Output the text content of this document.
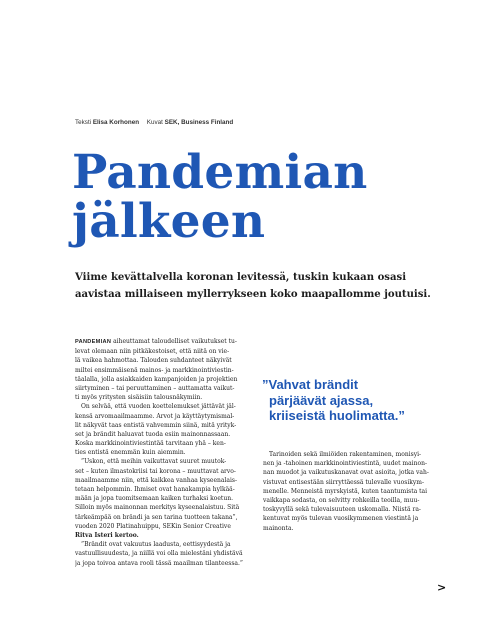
Teksti Elisa Korhonen Kuvat SEK, Business Finland
Pandemian
jälkeen

Viime kevättalvella koronan levitessä, tuskin kukaan osasi
aavistaa millaiseen myllerrykseen koko maapallomme joutuisi.

PANDEMIAN aiheuttamat taloudelliset vaikutukset tu-
levat olemaan niin pitkäkestoiset, että niitä on vie-
lä vaikea hahmottaa. Talouden suhdanteet näkyivät
miltei ensimmäisenä mainos- ja markkinointiviestin-
täalalla, jolla asiakkaiden kampanjoiden ja projektien
siirtyminen – tai peruuttaminen – auttamatta vaikut-
ti myös yritysten sisäisiin talousnäkymiin.

On selvää, että vuoden koettelemukset jättävät jäl-
kensä arvomaailmaamme. Arvot ja käyttäytymismal-
lit näkyvät taas entistä vahvemmin siinä, mitä yrityk-
set ja brändit haluavat tuoda esiin mainonnassaan.
Koska markkinointiviestintää tarvitaan yhä – ken-
ties entistä enemmän kuin aiemmin.

”Uskon, että meihin vaikuttavat suuret muutok-
set – kuten ilmastokriisi tai korona – muuttavat arvo-
maailmaamme niin, että kaikkea vanhaa kyseenalais-
tetaan helpommin. Ihmiset ovat hanakampia hylkää-
mään ja jopa tuomitsemaan kaiken turhaksi koetun.
Silloin myös mainonnan merkitys kyseenalaistuu. Sitä
tärkeämpää on brändi ja sen tarina tuotteen takana”,
vuoden 2020 Platinahuippu, SEKin Senior Creative
Ritva Isteri kertoo.

”Brändit ovat vakuutus laadusta, eettisyydestä ja
vastuullisuudesta, ja niillä voi olla mielestäni yhdistävä
ja jopa toivoa antava rooli tässä maailman tilanteessa.”

”Vahvat brändit
pärjäävät ajassa,
kriiseistä huolimatta.”

Tarinoiden sekä ilmiöiden rakentaminen, monisyi-
nen ja -tahoinen markkinointiviestintä, uudet mainon-
nan muodot ja vaikutuskanavat ovat asioita, jotka vah-
vistuvat entisestään siirryttäessä tulevalle vuosikym-
menelle. Menneistä myrskyistä, kuten taantumista tai
vaikkapa sodasta, on selvitty rohkeilla teoilla, muu-
toskyvyllä sekä tulevaisuuteen uskomalla. Niistä ra-
kentuvat myös tulevan vuosikymmenen viestintä ja
mainonta.

>
